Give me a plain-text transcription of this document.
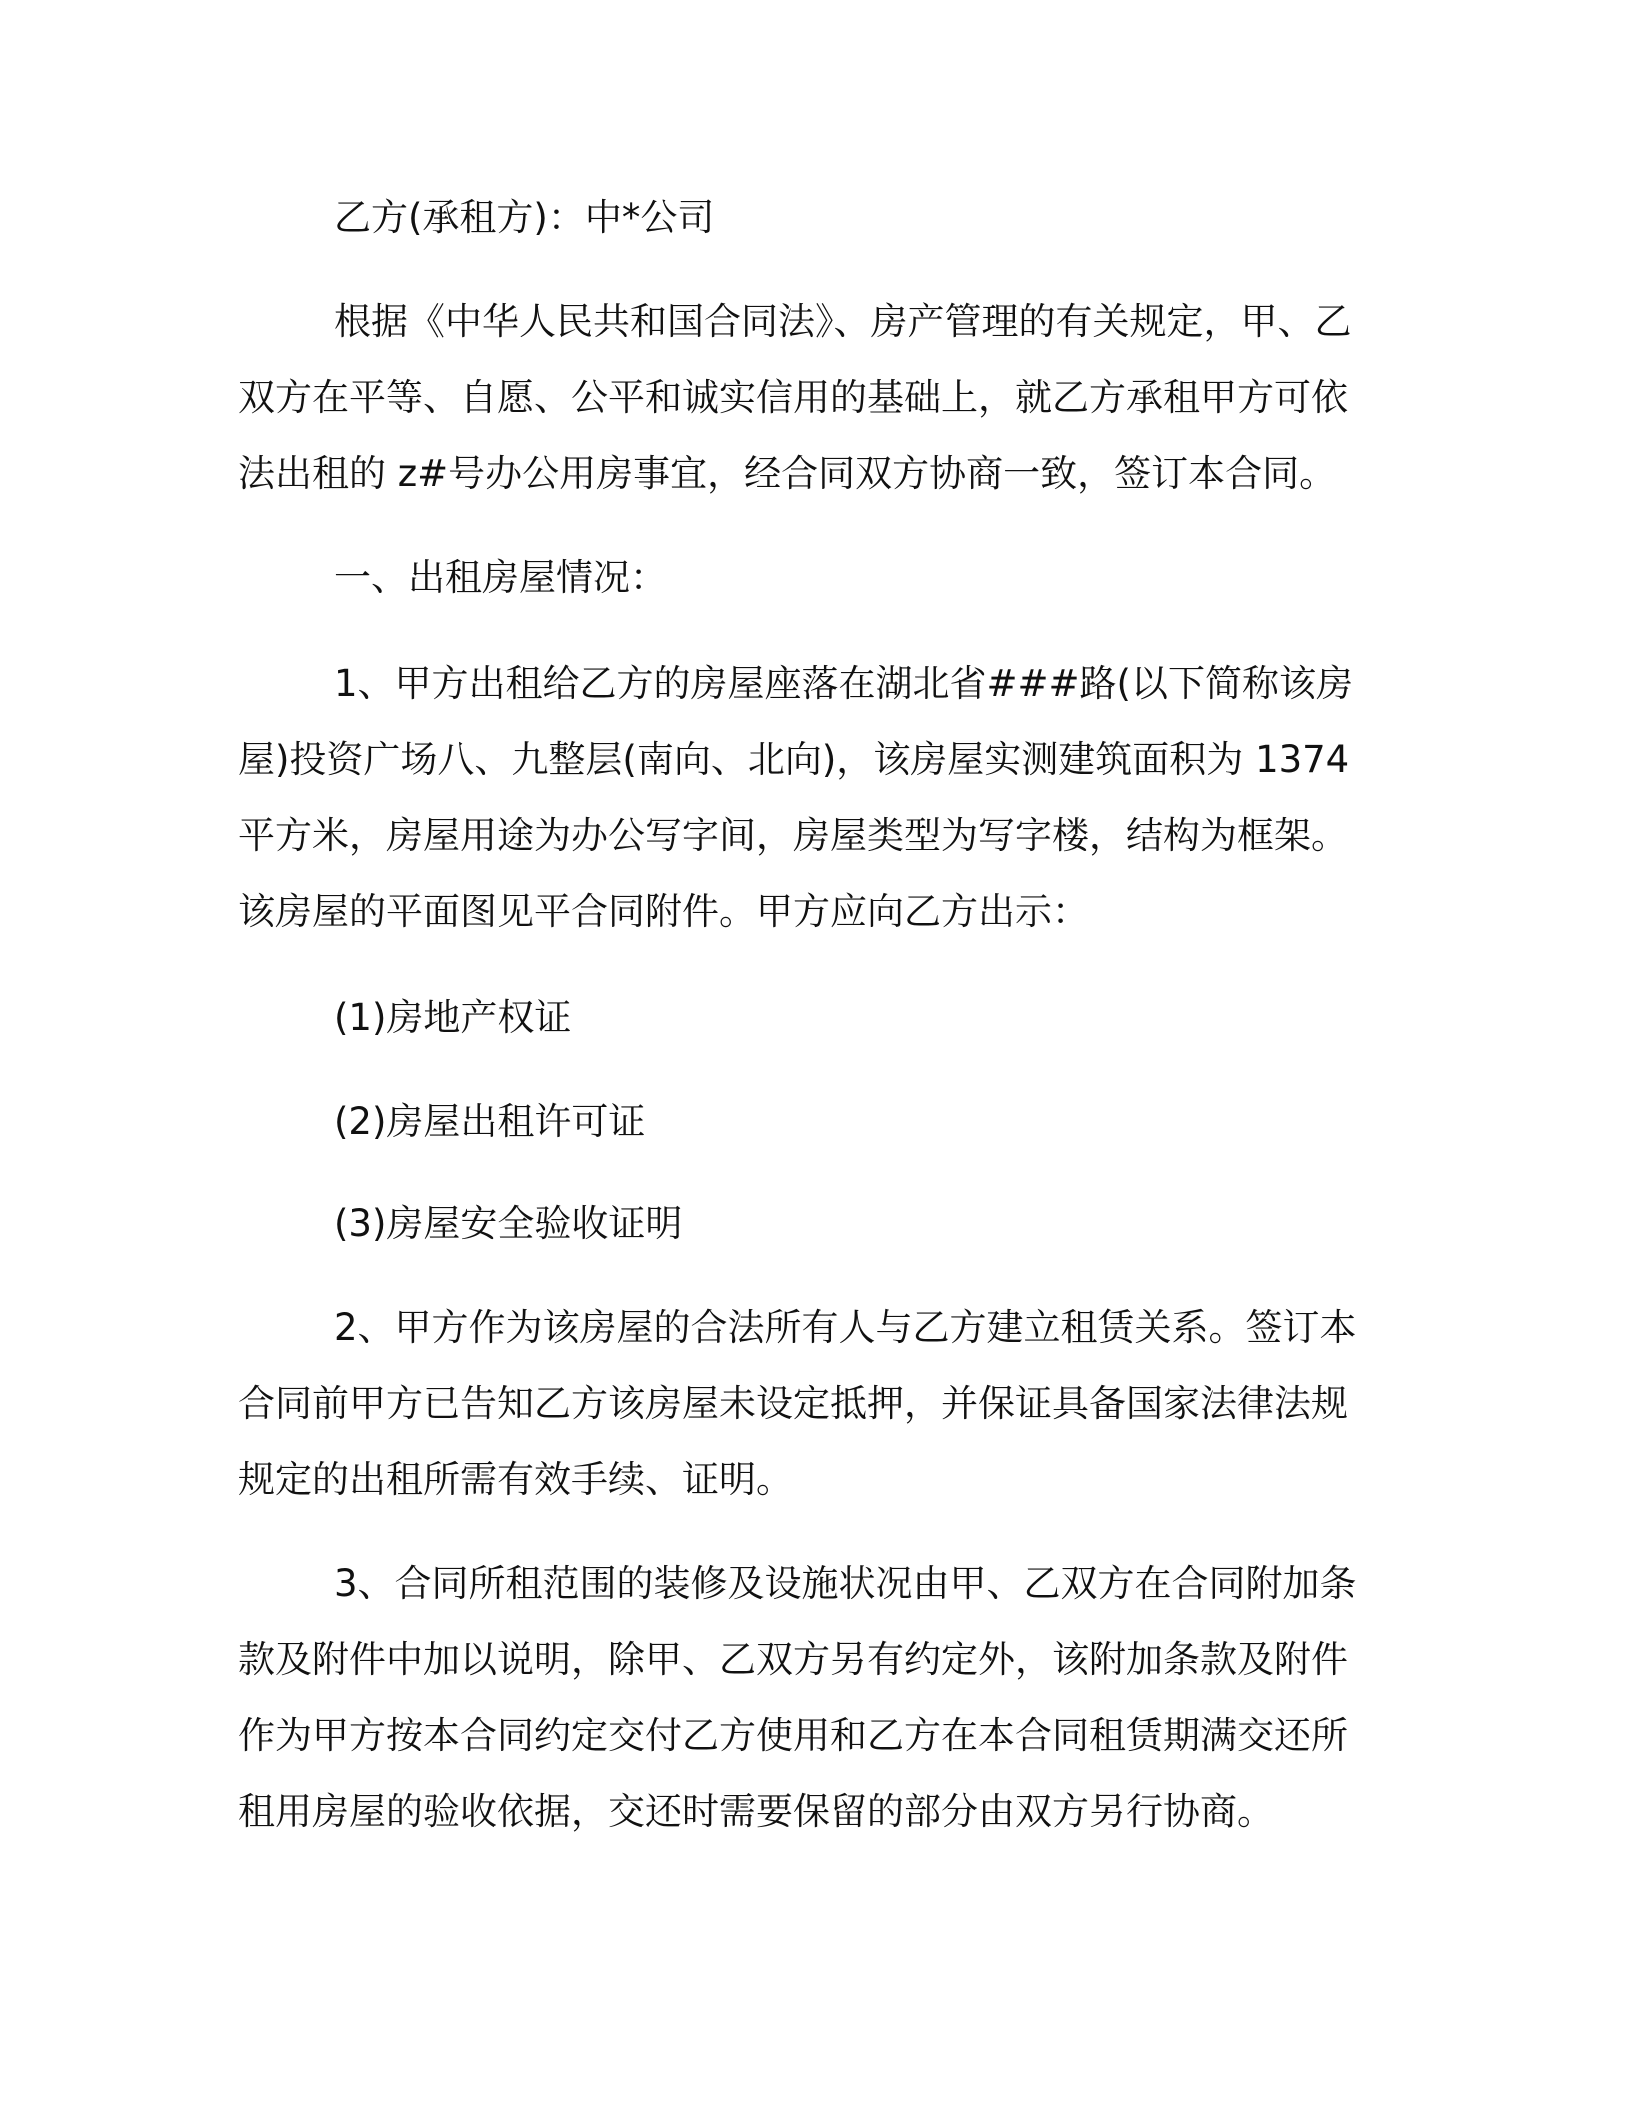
乙方(承租方)：中*公司

根据《中华人民共和国合同法》、房产管理的有关规定，甲、乙双方在平等、自愿、公平和诚实信用的基础上，就乙方承租甲方可依法出租的 z#号办公用房事宜，经合同双方协商一致，签订本合同。

一、出租房屋情况：

1、甲方出租给乙方的房屋座落在湖北省###路(以下简称该房屋)投资广场八、九整层(南向、北向)，该房屋实测建筑面积为 1374 平方米，房屋用途为办公写字间，房屋类型为写字楼，结构为框架。该房屋的平面图见平合同附件。甲方应向乙方出示：

(1)房地产权证

(2)房屋出租许可证

(3)房屋安全验收证明

2、甲方作为该房屋的合法所有人与乙方建立租赁关系。签订本合同前甲方已告知乙方该房屋未设定抵押，并保证具备国家法律法规规定的出租所需有效手续、证明。

3、合同所租范围的装修及设施状况由甲、乙双方在合同附加条款及附件中加以说明，除甲、乙双方另有约定外，该附加条款及附件作为甲方按本合同约定交付乙方使用和乙方在本合同租赁期满交还所租用房屋的验收依据，交还时需要保留的部分由双方另行协商。
